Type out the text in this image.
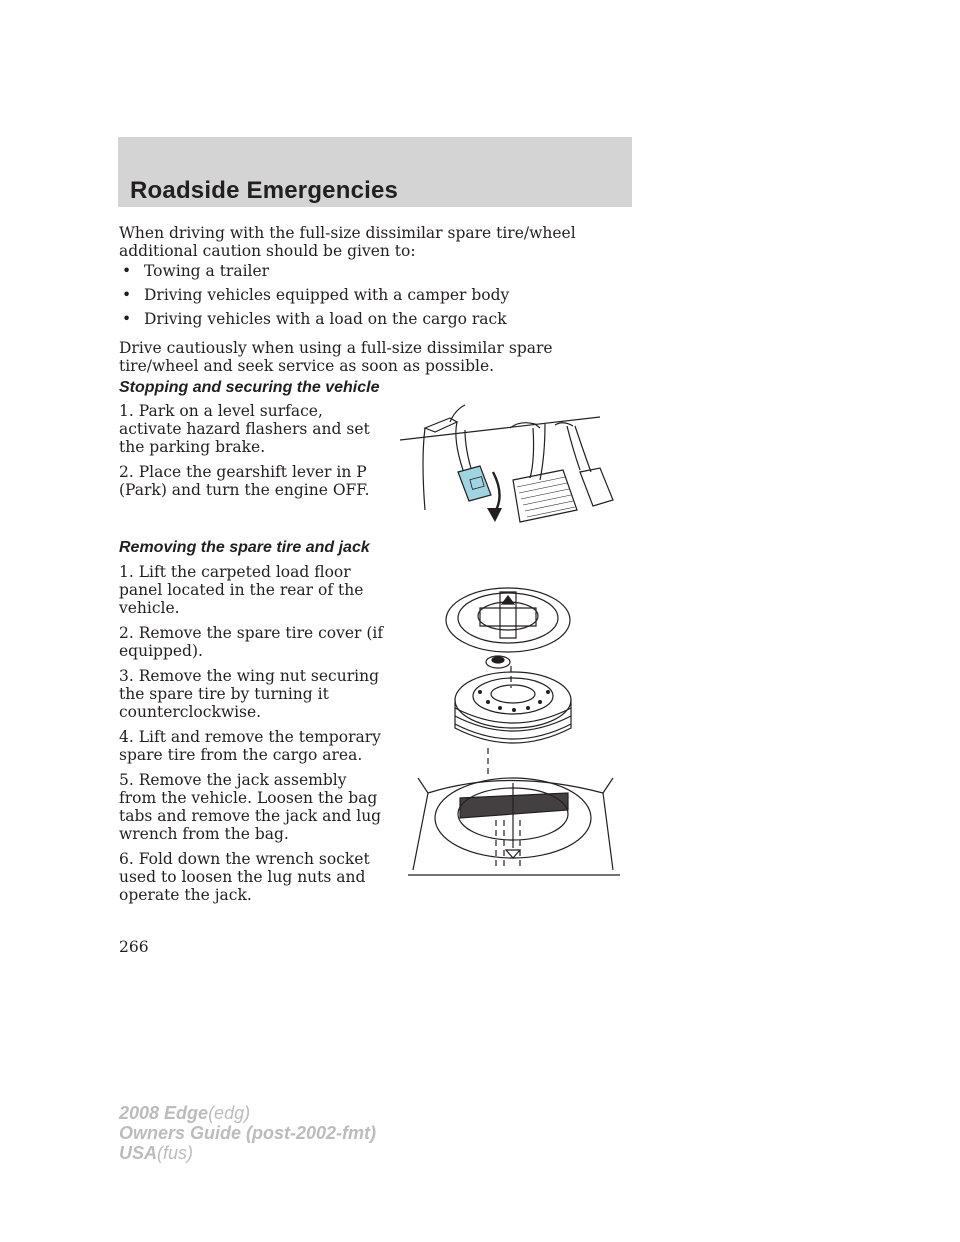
Roadside Emergencies
When driving with the full-size dissimilar spare tire/wheel additional caution should be given to:
• Towing a trailer
• Driving vehicles equipped with a camper body
• Driving vehicles with a load on the cargo rack
Drive cautiously when using a full-size dissimilar spare tire/wheel and seek service as soon as possible.
Stopping and securing the vehicle

1. Park on a level surface, activate hazard flashers and set the parking brake.

2. Place the gearshift lever in P (Park) and turn the engine OFF.

Removing the spare tire and jack

1. Lift the carpeted load floor panel located in the rear of the vehicle.

2. Remove the spare tire cover (if equipped).

3. Remove the wing nut securing the spare tire by turning it counterclockwise.

4. Lift and remove the temporary spare tire from the cargo area.

5. Remove the jack assembly from the vehicle. Loosen the bag tabs and remove the jack and lug wrench from the bag.

6. Fold down the wrench socket used to loosen the lug nuts and operate the jack.

266
2008 Edge(edg)
Owners Guide (post-2002-fmt)
USA(fus)
